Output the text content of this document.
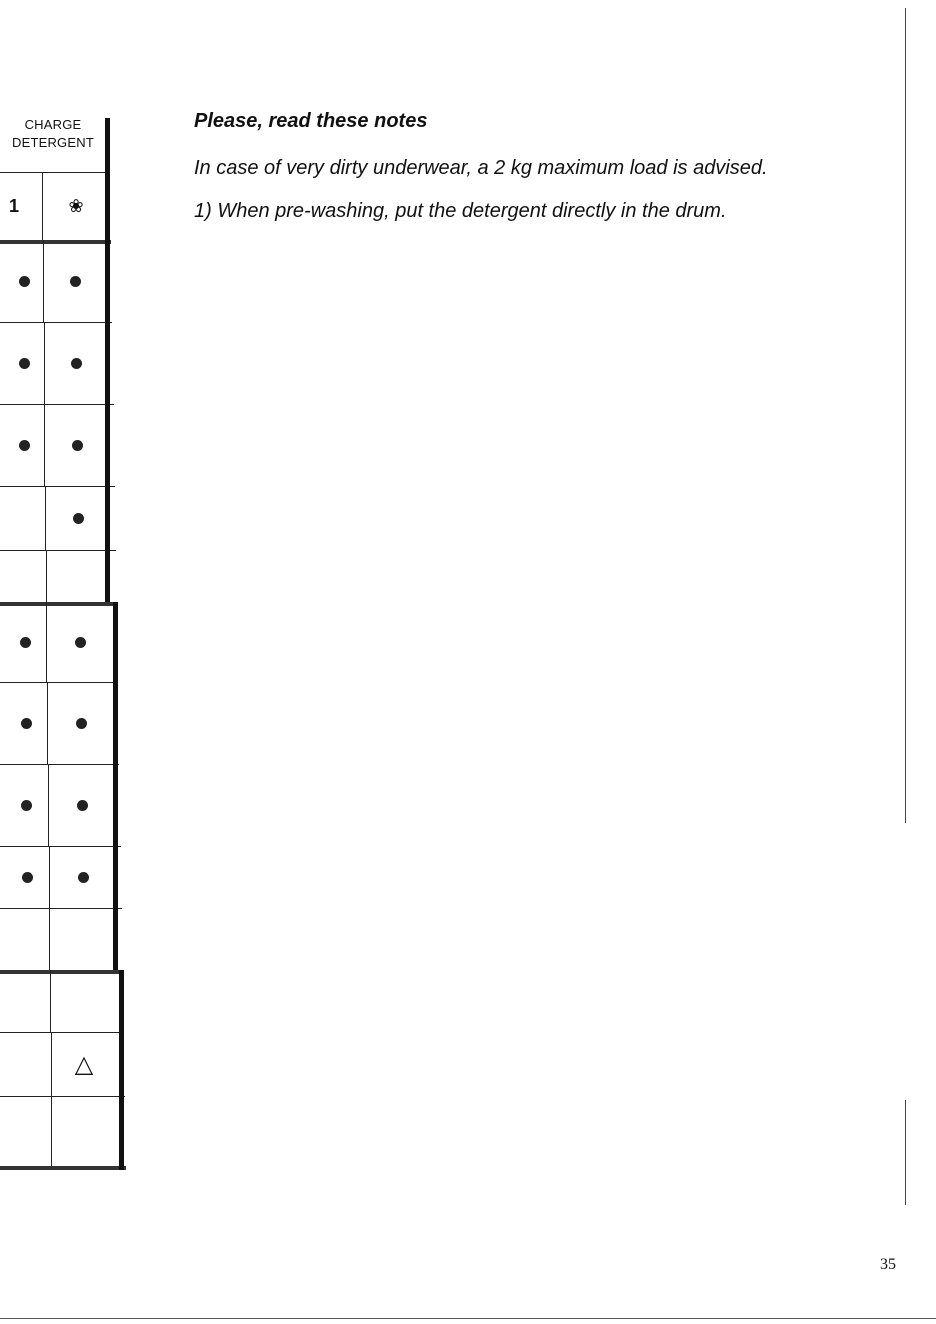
CHARGE
DETERGENT
1	❀
△
Please, read these notes

In case of very dirty underwear, a 2 kg maximum load is advised.

1) When pre-washing, put the detergent directly in the drum.

35
